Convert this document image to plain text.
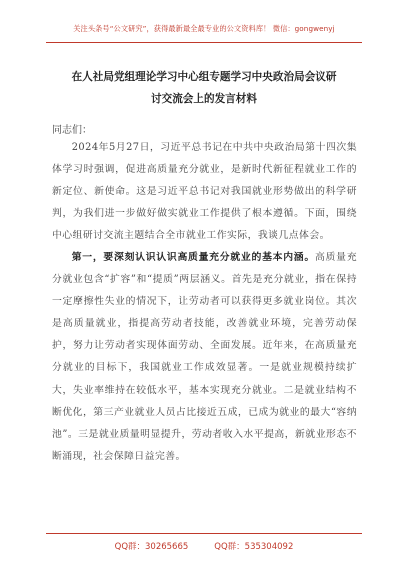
关注头条号“公文研究”，获得最新最全最专业的公文资料库！ 微信：gongwenyj
在人社局党组理论学习中心组专题学习中央政治局会议研
讨交流会上的发言材料
同志们：

2024年5月27日，习近平总书记在中共中央政治局第十四次集体学习时强调，促进高质量充分就业，是新时代新征程就业工作的新定位、新使命。这是习近平总书记对我国就业形势做出的科学研判，为我们进一步做好做实就业工作提供了根本遵循。下面，围绕中心组研讨交流主题结合全市就业工作实际，我谈几点体会。

第一，要深刻认识认识高质量充分就业的基本内涵。高质量充分就业包含“扩容”和“提质”两层涵义。首先是充分就业，指在保持一定摩擦性失业的情况下，让劳动者可以获得更多就业岗位。其次是高质量就业，指提高劳动者技能，改善就业环境，完善劳动保护，努力让劳动者实现体面劳动、全面发展。近年来，在高质量充分就业的目标下，我国就业工作成效显著。一是就业规模持续扩大，失业率维持在较低水平，基本实现充分就业。二是就业结构不断优化，第三产业就业人员占比接近五成，已成为就业的最大“容纳池”。三是就业质量明显提升，劳动者收入水平提高，新就业形态不断涌现，社会保障日益完善。

QQ群：30265665	QQ群：535304092
